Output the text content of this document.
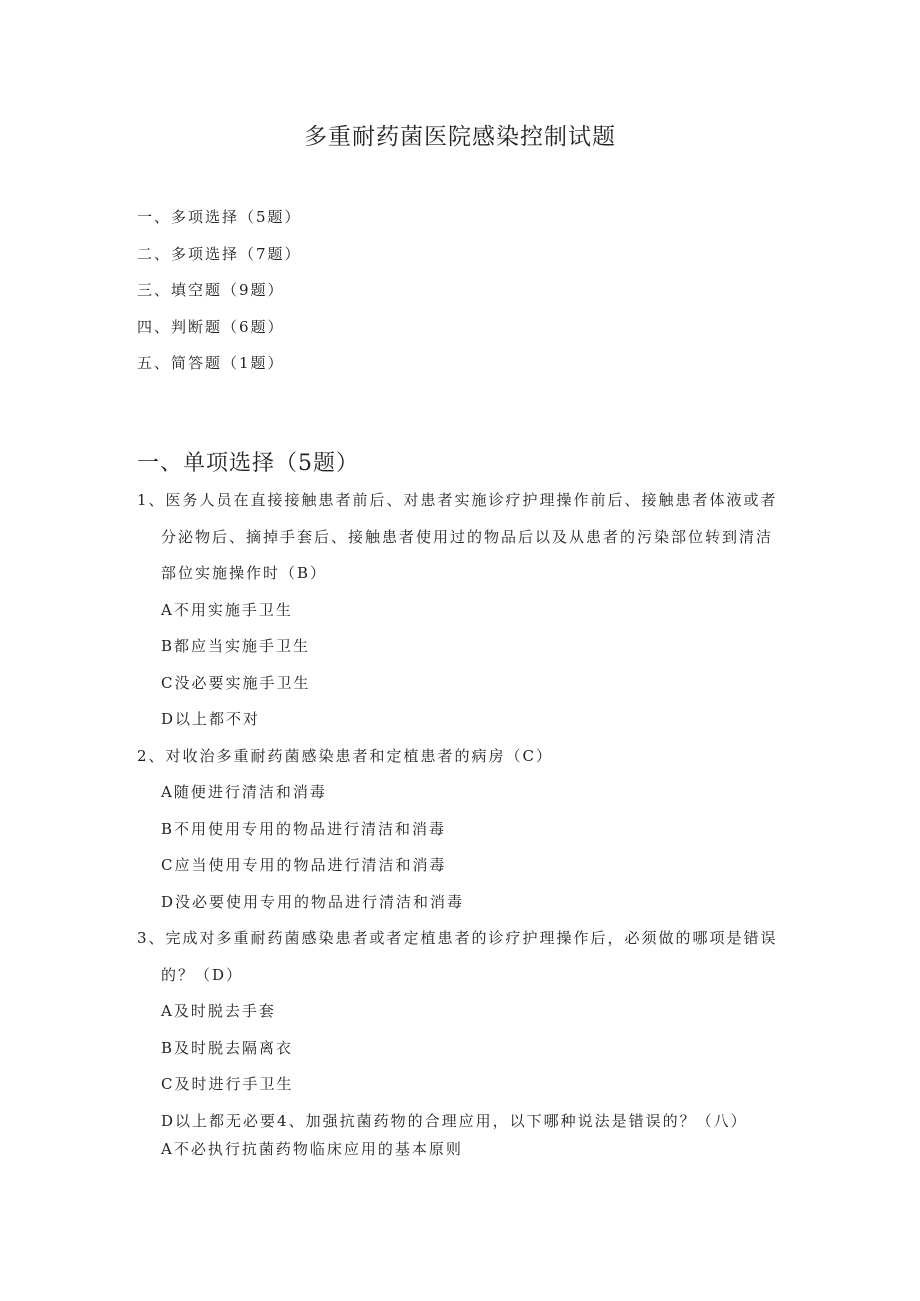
多重耐药菌医院感染控制试题
一、多项选择（5题）
二、多项选择（7题）
三、填空题（9题）
四、判断题（6题）
五、简答题（1题）
一、单项选择（5题）
1、医务人员在直接接触患者前后、对患者实施诊疗护理操作前后、接触患者体液或者
分泌物后、摘掉手套后、接触患者使用过的物品后以及从患者的污染部位转到清洁
部位实施操作时（B）
A不用实施手卫生
B都应当实施手卫生
C没必要实施手卫生
D以上都不对
2、对收治多重耐药菌感染患者和定植患者的病房（C）
A随便进行清洁和消毒
B不用使用专用的物品进行清洁和消毒
C应当使用专用的物品进行清洁和消毒
D没必要使用专用的物品进行清洁和消毒
3、完成对多重耐药菌感染患者或者定植患者的诊疗护理操作后，必须做的哪项是错误
的？（D）
A及时脱去手套
B及时脱去隔离衣
C及时进行手卫生
D以上都无必要4、加强抗菌药物的合理应用，以下哪种说法是错误的？（八）
A不必执行抗菌药物临床应用的基本原则
